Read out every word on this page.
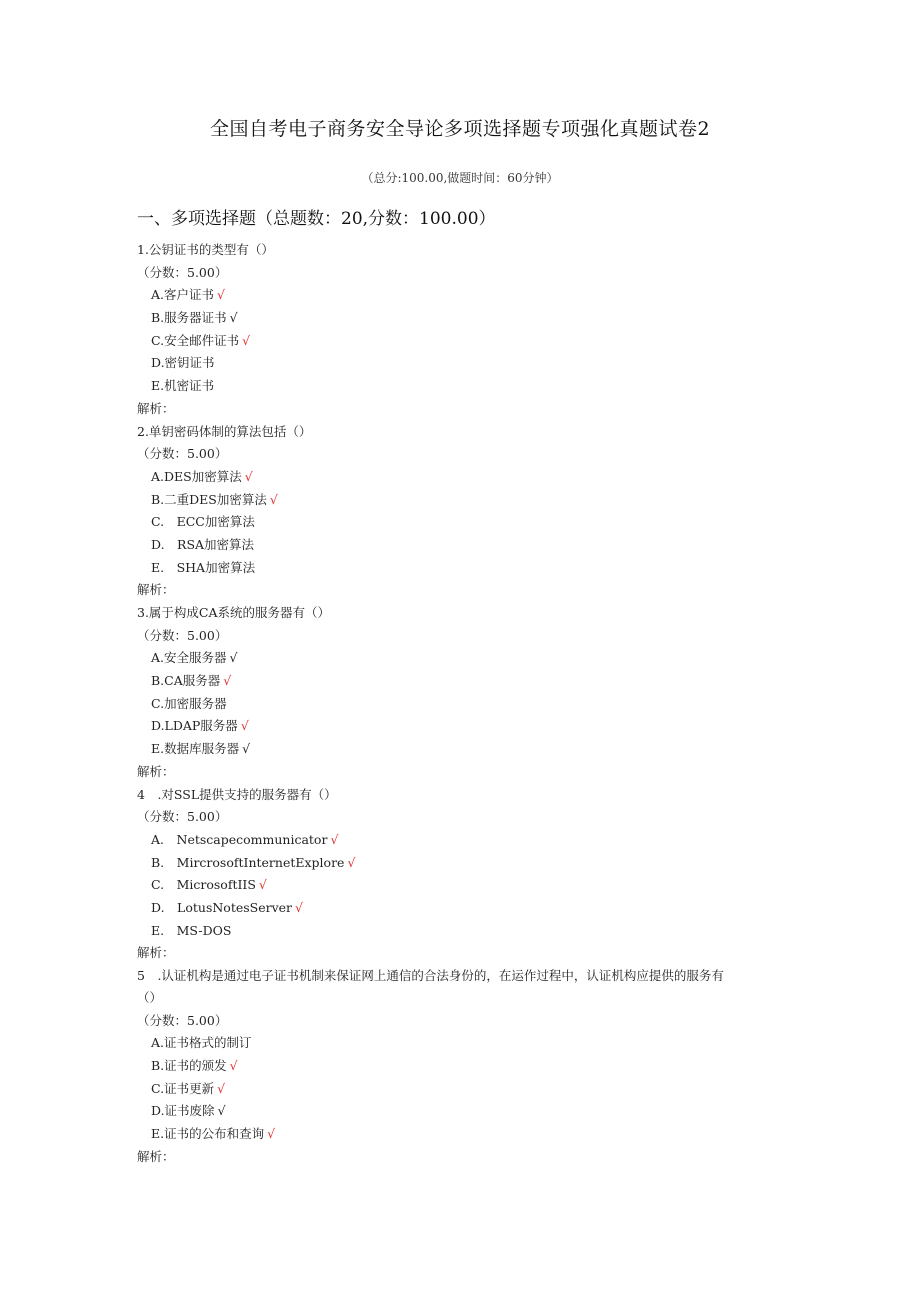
全国自考电子商务安全导论多项选择题专项强化真题试卷2
（总分:100.00,做题时间：60分钟）
一、多项选择题（总题数：20,分数：100.00）
1.公钥证书的类型有（）
（分数：5.00）
A.客户证书 √
B.服务器证书 √
C.安全邮件证书 √
D.密钥证书
E.机密证书
解析：
2.单钥密码体制的算法包括（）
（分数：5.00）
A.DES加密算法 √
B.二重DES加密算法 √
C.　ECC加密算法
D.　RSA加密算法
E.　SHA加密算法
解析：
3.属于构成CA系统的服务器有（）
（分数：5.00）
A.安全服务器 √
B.CA服务器 √
C.加密服务器
D.LDAP服务器 √
E.数据库服务器 √
解析：
4　.对SSL提供支持的服务器有（）
（分数：5.00）
A.　Netscapecommunicator √
B.　MircrosoftInternetExplore √
C.　MicrosoftIIS √
D.　LotusNotesServer √
E.　MS-DOS
解析：
5　.认证机构是通过电子证书机制来保证网上通信的合法身份的，在运作过程中，认证机构应提供的服务有
（）
（分数：5.00）
A.证书格式的制订
B.证书的颁发 √
C.证书更新 √
D.证书废除 √
E.证书的公布和查询 √
解析：
